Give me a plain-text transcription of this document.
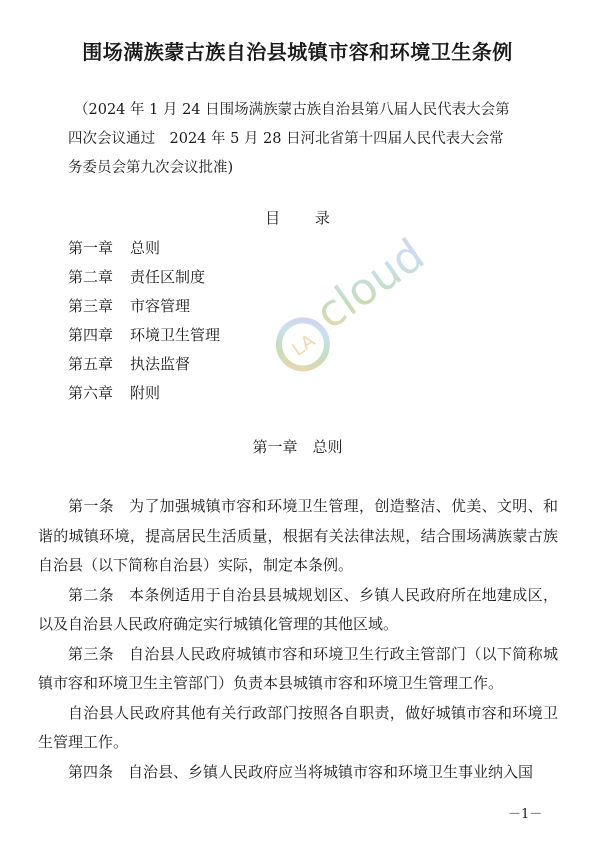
围场满族蒙古族自治县城镇市容和环境卫生条例
（2024 年 1 月 24 日围场满族蒙古族自治县第八届人民代表大会第
四次会议通过　2024 年 5 月 28 日河北省第十四届人民代表大会常
务委员会第九次会议批准)
目 录
第一章 总则
第二章 责任区制度
第三章 市容管理
第四章 环境卫生管理
第五章 执法监督
第六章 附则
LA
cloud
第一章 总则

第一条 为了加强城镇市容和环境卫生管理，创造整洁、优美、文明、和谐的城镇环境，提高居民生活质量，根据有关法律法规，结合围场满族蒙古族自治县（以下简称自治县）实际，制定本条例。

第二条 本条例适用于自治县县城规划区、乡镇人民政府所在地建成区，以及自治县人民政府确定实行城镇化管理的其他区域。

第三条 自治县人民政府城镇市容和环境卫生行政主管部门（以下简称城镇市容和环境卫生主管部门）负责本县城镇市容和环境卫生管理工作。

自治县人民政府其他有关行政部门按照各自职责，做好城镇市容和环境卫生管理工作。

第四条 自治县、乡镇人民政府应当将城镇市容和环境卫生事业纳入国

－1－
